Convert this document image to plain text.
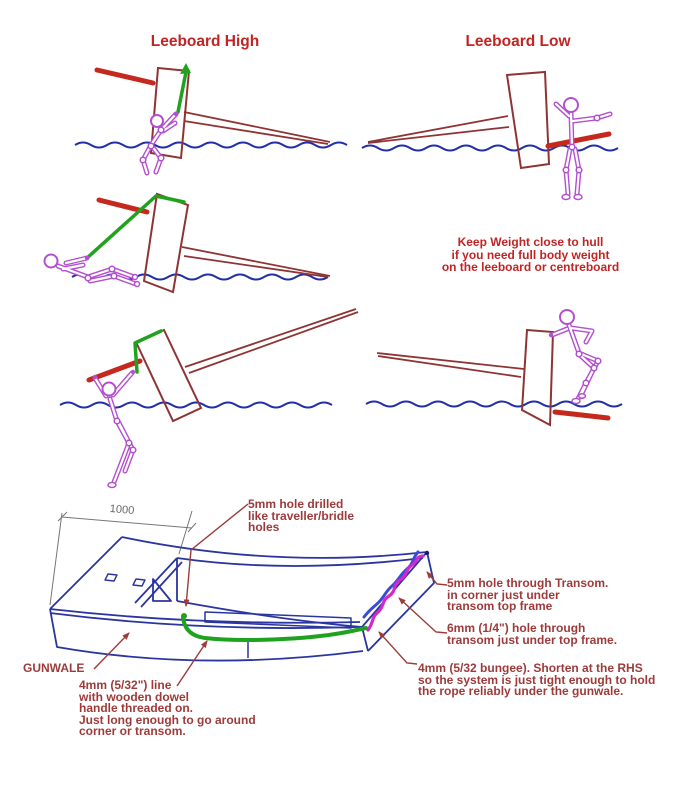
Leeboard High	Leeboard Low
Keep Weight close to hull
if you need full body weight
on the leeboard or centreboard
1000	5mm hole drilled
like traveller/bridle
holes
5mm hole through Transom.
in corner just under
transom top frame
6mm (1/4") hole through
transom just under top frame.
4mm (5/32 bungee). Shorten at the RHS
so the system is just tight enough to hold
the rope reliably under the gunwale.
GUNWALE
4mm (5/32") line
with wooden dowel
handle threaded on.
Just long enough to go around
corner or transom.
